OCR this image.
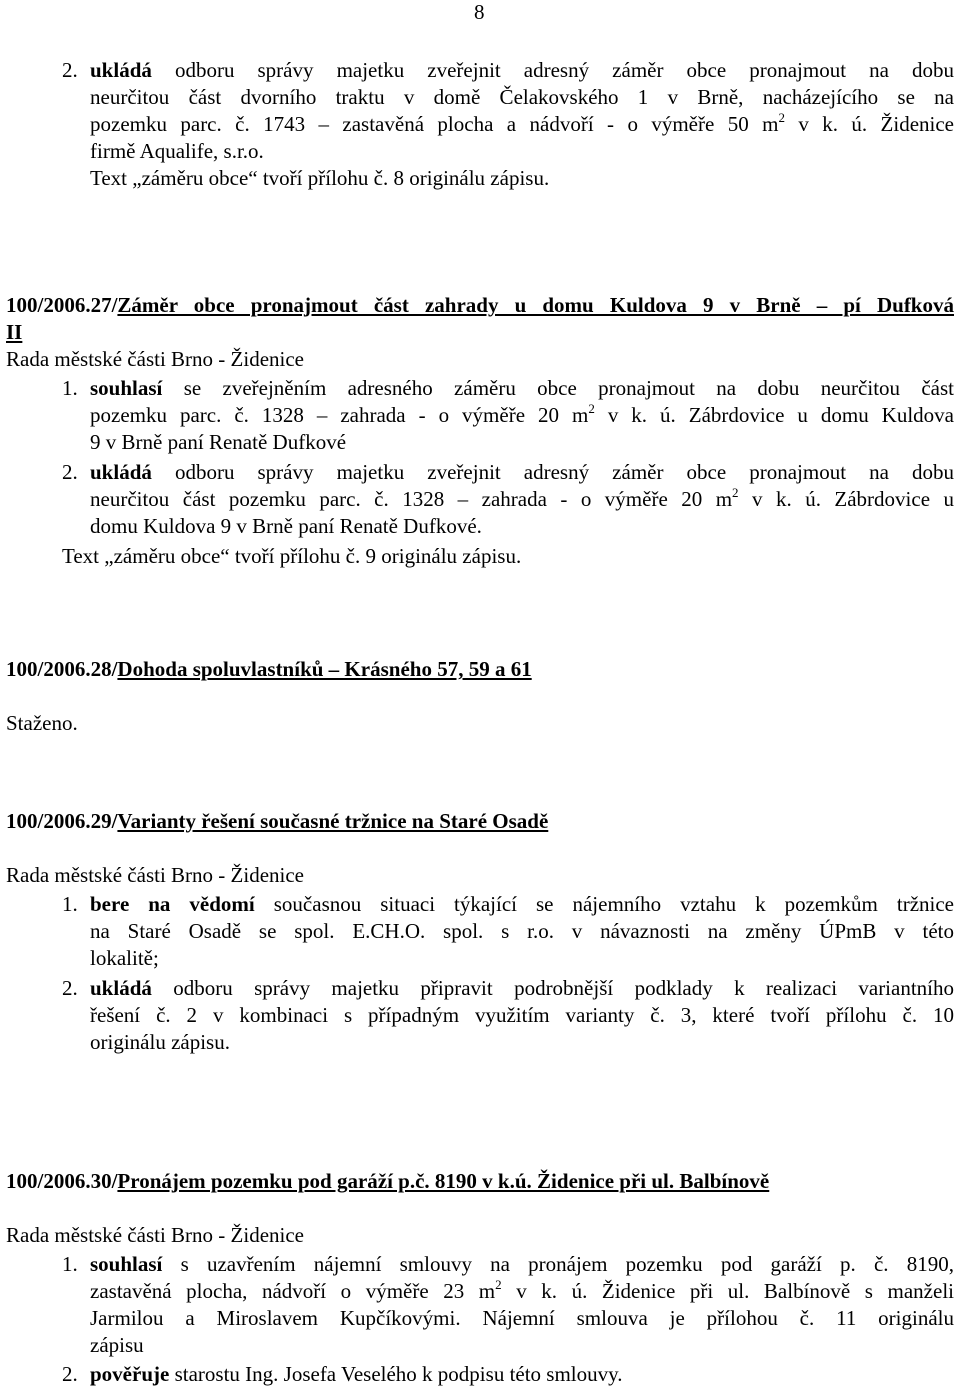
8
2. ukládá odboru správy majetku zveřejnit adresný záměr obce pronajmout na dobu
neurčitou část dvorního traktu v domě Čelakovského 1 v Brně, nacházejícího se na
pozemku parc. č. 1743 – zastavěná plocha a nádvoří - o výměře 50 $m^2$ v k. ú. Židenice
firmě Aqualife, s.r.o.
Text „záměru obce“ tvoří přílohu č. 8 originálu zápisu.
100/2006.27/Záměr obce pronajmout část zahrady u domu Kuldova 9 v Brně – pí Dufková
II
Rada městské části Brno - Židenice
1. souhlasí se zveřejněním adresného záměru obce pronajmout na dobu neurčitou část
pozemku parc. č. 1328 – zahrada - o výměře 20 $m^2$ v k. ú. Zábrdovice u domu Kuldova
9 v Brně paní Renatě Dufkové
2. ukládá odboru správy majetku zveřejnit adresný záměr obce pronajmout na dobu
neurčitou část pozemku parc. č. 1328 – zahrada - o výměře 20 $m^2$ v k. ú. Zábrdovice u
domu Kuldova 9 v Brně paní Renatě Dufkové.
Text „záměru obce“ tvoří přílohu č. 9 originálu zápisu.
100/2006.28/Dohoda spoluvlastníků – Krásného 57, 59 a 61
Staženo.
100/2006.29/Varianty řešení současné tržnice na Staré Osadě
Rada městské části Brno - Židenice
1. bere na vědomí současnou situaci týkající se nájemního vztahu k pozemkům tržnice
na Staré Osadě se spol. E.CH.O. spol. s r.o. v návaznosti na změny ÚPmB v této
lokalitě;
2. ukládá odboru správy majetku připravit podrobnější podklady k realizaci variantního
řešení č. 2 v kombinaci s případným využitím varianty č. 3, které tvoří přílohu č. 10
originálu zápisu.
100/2006.30/Pronájem pozemku pod garáží p.č. 8190 v k.ú. Židenice při ul. Balbínově
Rada městské části Brno - Židenice
1. souhlasí s uzavřením nájemní smlouvy na pronájem pozemku pod garáží p. č. 8190,
zastavěná plocha, nádvoří o výměře 23 $m^2$ v k. ú. Židenice při ul. Balbínově s manželi
Jarmilou a Miroslavem Kupčíkovými. Nájemní smlouva je přílohou č. 11 originálu
zápisu
2. pověřuje starostu Ing. Josefa Veselého k podpisu této smlouvy.
